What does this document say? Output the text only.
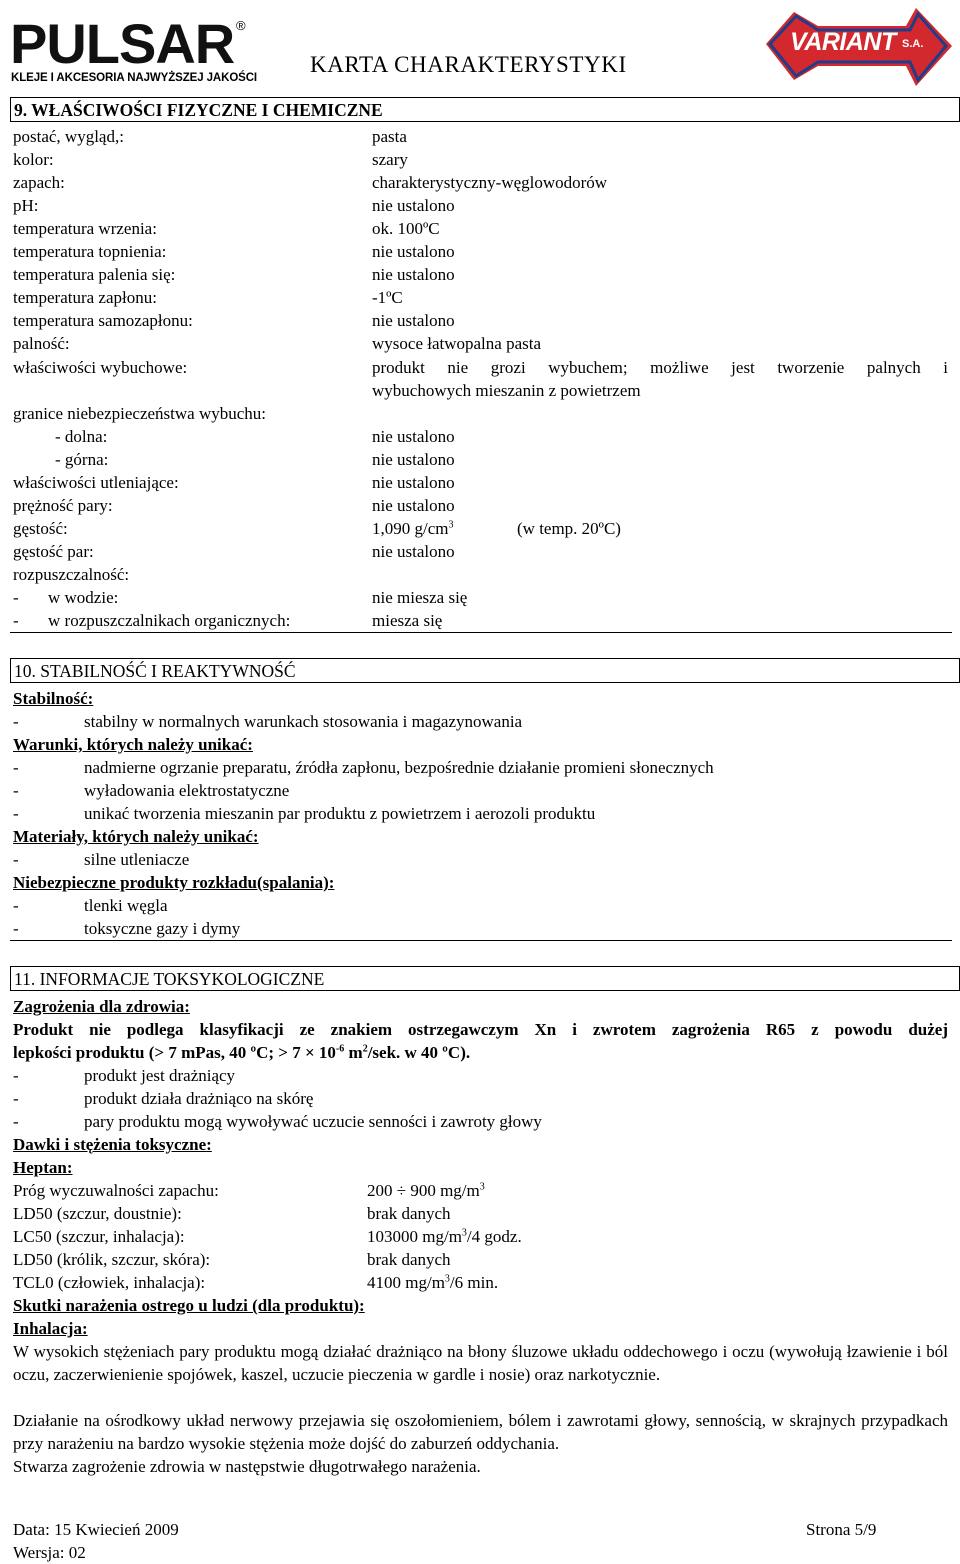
PULSAR ®
KLEJE I AKCESORIA NAJWYŻSZEJ JAKOŚCI
KARTA CHARAKTERYSTYKI
VARIANT S.A.
9. WŁAŚCIWOŚCI FIZYCZNE I CHEMICZNE
postać, wygląd,:	pasta
kolor:	szary
zapach:	charakterystyczny-węglowodorów
pH:	nie ustalono
temperatura wrzenia:	ok. 100ºC
temperatura topnienia:	nie ustalono
temperatura palenia się:	nie ustalono
temperatura zapłonu:	-1ºC
temperatura samozapłonu:	nie ustalono
palność:	wysoce łatwopalna pasta
właściwości wybuchowe:	produkt nie grozi wybuchem; możliwe jest tworzenie palnych i
wybuchowych mieszanin z powietrzem
granice niebezpieczeństwa wybuchu:
- dolna:	nie ustalono
- górna:	nie ustalono
właściwości utleniające:	nie ustalono
prężność pary:	nie ustalono
gęstość:	1,090 $g/cm^3$	(w temp. 20ºC)
gęstość par:	nie ustalono
rozpuszczalność:
- w wodzie:	nie miesza się
- w rozpuszczalnikach organicznych:	miesza się
10. STABILNOŚĆ I REAKTYWNOŚĆ
Stabilność:
-	stabilny w normalnych warunkach stosowania i magazynowania
Warunki, których należy unikać:
-	nadmierne ogrzanie preparatu, źródła zapłonu, bezpośrednie działanie promieni słonecznych
-	wyładowania elektrostatyczne
-	unikać tworzenia mieszanin par produktu z powietrzem i aerozoli produktu
Materiały, których należy unikać:
-	silne utleniacze
Niebezpieczne produkty rozkładu(spalania):
-	tlenki węgla
-	toksyczne gazy i dymy
11. INFORMACJE TOKSYKOLOGICZNE
Zagrożenia dla zdrowia:
Produkt nie podlega klasyfikacji ze znakiem ostrzegawczym Xn i zwrotem zagrożenia R65 z powodu dużej
lepkości produktu (> 7 mPas, 40 ºC; > $7 \times 10^{-6}$ $m^2$/sek. w 40 ºC).
-	produkt jest drażniący
-	produkt działa drażniąco na skórę
-	pary produktu mogą wywoływać uczucie senności i zawroty głowy
Dawki i stężenia toksyczne:
Heptan:
Próg wyczuwalności zapachu:	200 ÷ 900 $mg/m^3$
LD50 (szczur, doustnie):	brak danych
LC50 (szczur, inhalacja):	103000 $mg/m^3/4$ godz.
LD50 (królik, szczur, skóra):	brak danych
TCL0 (człowiek, inhalacja):	4100 $mg/m^3/6$ min.
Skutki narażenia ostrego u ludzi (dla produktu):
Inhalacja:
W wysokich stężeniach pary produktu mogą działać drażniąco na błony śluzowe układu oddechowego i oczu (wywołują łzawienie i ból oczu, zaczerwienienie spojówek, kaszel, uczucie pieczenia w gardle i nosie) oraz narkotycznie.
Działanie na ośrodkowy układ nerwowy przejawia się oszołomieniem, bólem i zawrotami głowy, sennością, w skrajnych przypadkach przy narażeniu na bardzo wysokie stężenia może dojść do zaburzeń oddychania.
Stwarza zagrożenie zdrowia w następstwie długotrwałego narażenia.
Data: 15 Kwiecień 2009
Wersja: 02
Strona 5/9
